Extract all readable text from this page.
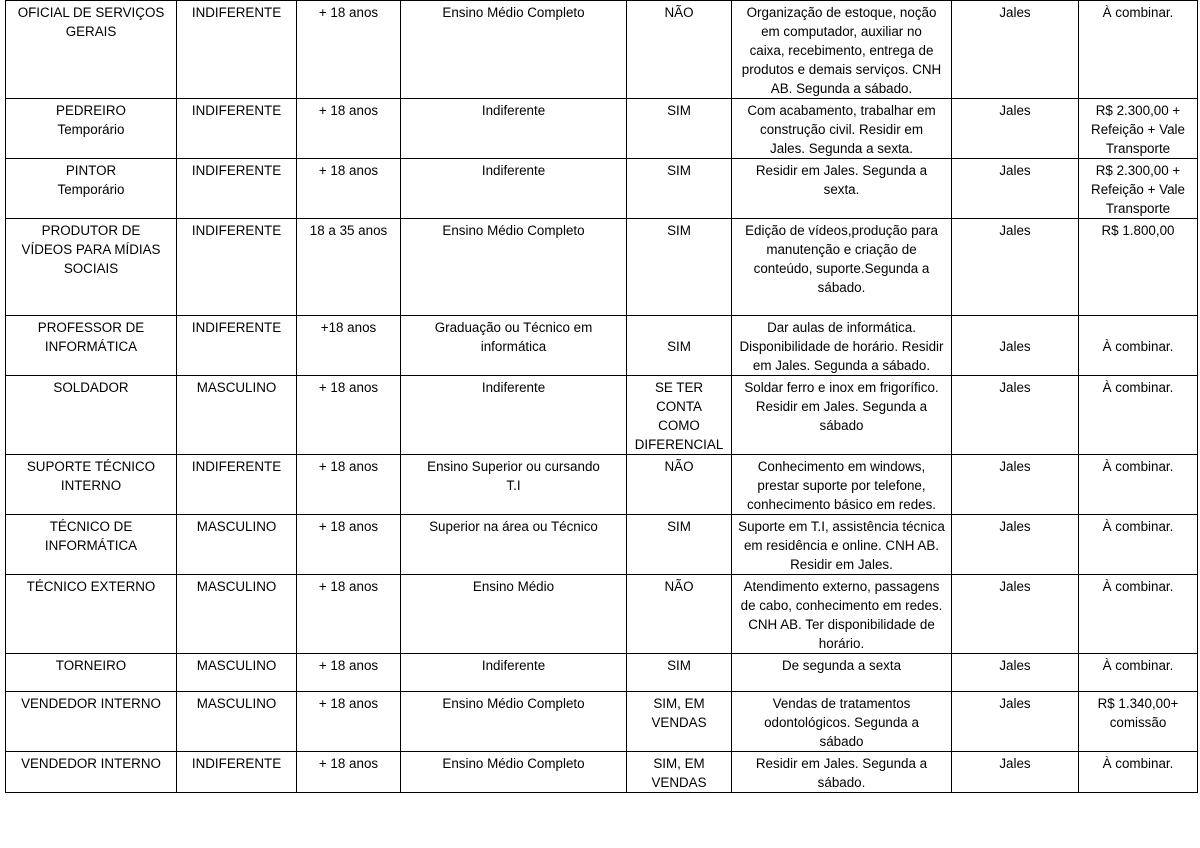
OFICIAL DE SERVIÇOS
GERAIS	INDIFERENTE	+ 18 anos	Ensino Médio Completo	NÃO	Organização de estoque, noção
em computador, auxiliar no
caixa, recebimento, entrega de
produtos e demais serviços. CNH
AB. Segunda a sábado.	Jales	À combinar.
PEDREIRO
Temporário	INDIFERENTE	+ 18 anos	Indiferente	SIM	Com acabamento, trabalhar em
construção civil. Residir em
Jales. Segunda a sexta.	Jales	R$ 2.300,00 +
Refeição + Vale
Transporte
PINTOR
Temporário	INDIFERENTE	+ 18 anos	Indiferente	SIM	Residir em Jales. Segunda a
sexta.	Jales	R$ 2.300,00 +
Refeição + Vale
Transporte
PRODUTOR DE
VÍDEOS PARA MÍDIAS
SOCIAIS	INDIFERENTE	18 a 35 anos	Ensino Médio Completo	SIM	Edição de vídeos,produção para
manutenção e criação de
conteúdo, suporte.Segunda a
sábado.	Jales	R$ 1.800,00
PROFESSOR DE
INFORMÁTICA	INDIFERENTE	+18 anos	Graduação ou Técnico em
informática	SIM	Dar aulas de informática.
Disponibilidade de horário. Residir
em Jales. Segunda a sábado.	Jales	À combinar.
SOLDADOR	MASCULINO	+ 18 anos	Indiferente	SE TER
CONTA
COMO
DIFERENCIAL	Soldar ferro e inox em frigorífico.
Residir em Jales. Segunda a
sábado	Jales	À combinar.
SUPORTE TÉCNICO
INTERNO	INDIFERENTE	+ 18 anos	Ensino Superior ou cursando
T.I	NÃO	Conhecimento em windows,
prestar suporte por telefone,
conhecimento básico em redes.	Jales	À combinar.
TÉCNICO DE
INFORMÁTICA	MASCULINO	+ 18 anos	Superior na área ou Técnico	SIM	Suporte em T.I, assistência técnica
em residência e online. CNH AB.
Residir em Jales.	Jales	À combinar.
TÉCNICO EXTERNO	MASCULINO	+ 18 anos	Ensino Médio	NÃO	Atendimento externo, passagens
de cabo, conhecimento em redes.
CNH AB. Ter disponibilidade de
horário.	Jales	À combinar.
TORNEIRO	MASCULINO	+ 18 anos	Indiferente	SIM	De segunda a sexta	Jales	À combinar.
VENDEDOR INTERNO	MASCULINO	+ 18 anos	Ensino Médio Completo	SIM, EM
VENDAS	Vendas de tratamentos
odontológicos. Segunda a
sábado	Jales	R$ 1.340,00+
comissão
VENDEDOR INTERNO	INDIFERENTE	+ 18 anos	Ensino Médio Completo	SIM, EM
VENDAS	Residir em Jales. Segunda a
sábado.	Jales	À combinar.
